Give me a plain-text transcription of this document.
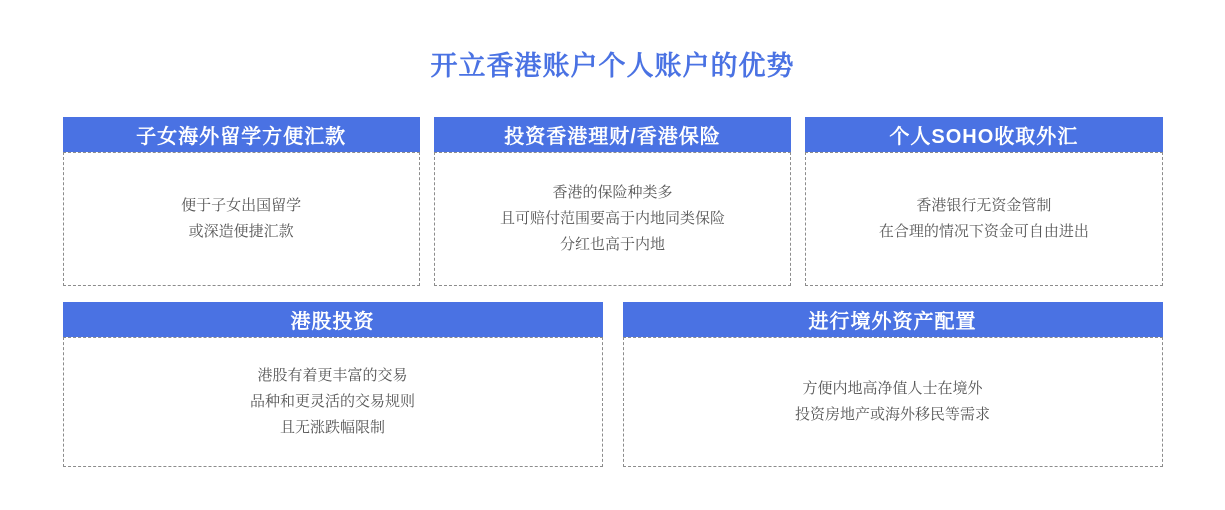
开立香港账户个人账户的优势
子女海外留学方便汇款
便于子女出国留学
或深造便捷汇款
投资香港理财/香港保险
香港的保险种类多
且可赔付范围要高于内地同类保险
分红也高于内地
个人SOHO收取外汇
香港银行无资金管制
在合理的情况下资金可自由进出
港股投资
港股有着更丰富的交易
品种和更灵活的交易规则
且无涨跌幅限制
进行境外资产配置
方便内地高净值人士在境外
投资房地产或海外移民等需求
